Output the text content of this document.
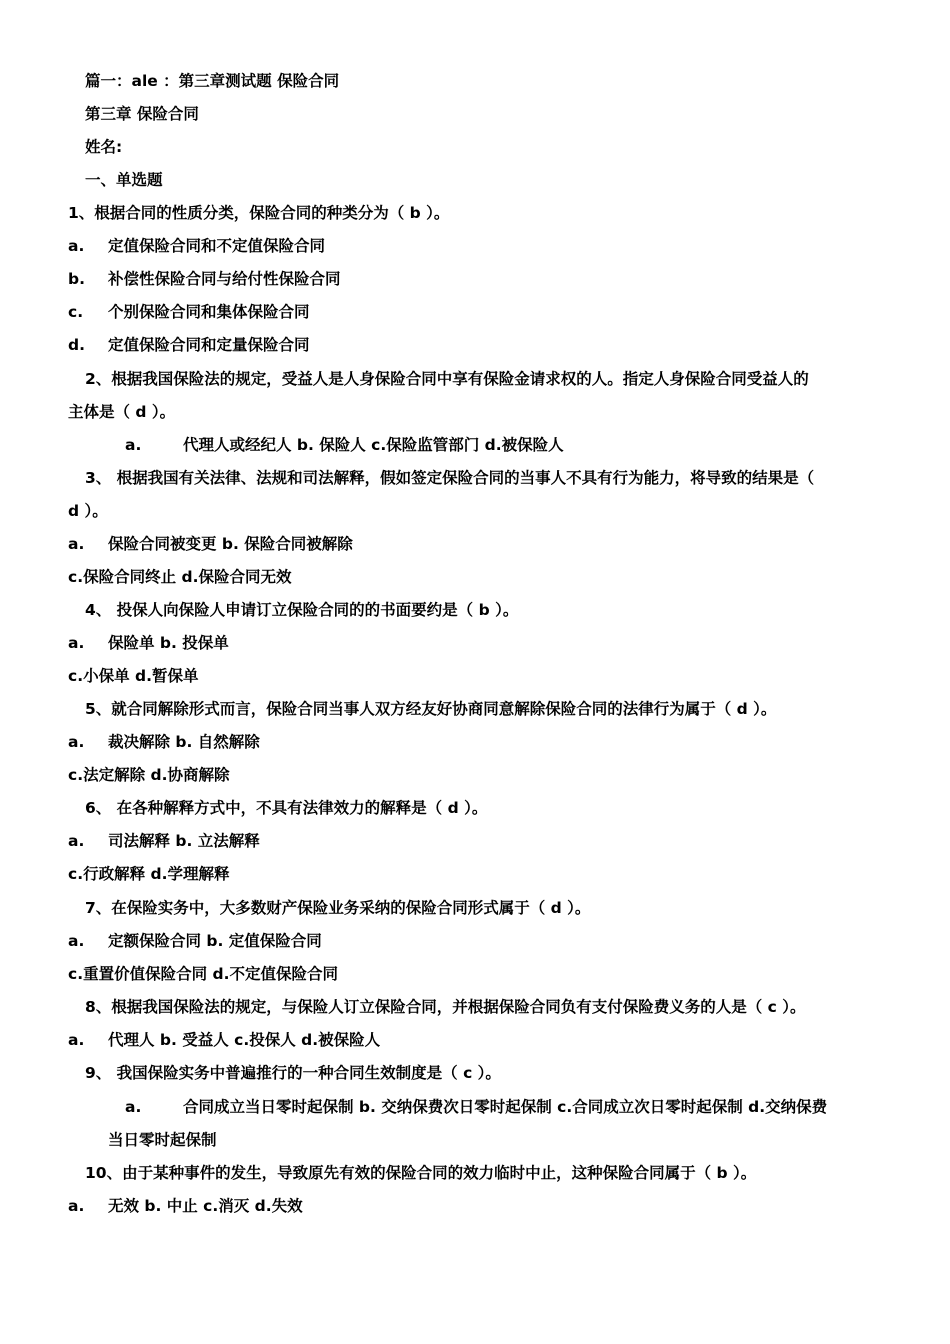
篇一：ale ：第三章测试题 保险合同
第三章 保险合同
姓名:
一、单选题
1、根据合同的性质分类，保险合同的种类分为（ b ）。
a. 定值保险合同和不定值保险合同
b. 补偿性保险合同与给付性保险合同
c. 个别保险合同和集体保险合同
d. 定值保险合同和定量保险合同
2、根据我国保险法的规定，受益人是人身保险合同中享有保险金请求权的人。指定人身保险合同受益人的
主体是（ d ）。
a.	代理人或经纪人 b. 保险人 c.保险监管部门 d.被保险人
3、 根据我国有关法律、法规和司法解释，假如签定保险合同的当事人不具有行为能力，将导致的结果是（
d ）。
a. 保险合同被变更 b. 保险合同被解除
c.保险合同终止 d.保险合同无效
4、 投保人向保险人申请订立保险合同的的书面要约是（ b ）。
a. 保险单 b. 投保单
c.小保单 d.暂保单
5、就合同解除形式而言，保险合同当事人双方经友好协商同意解除保险合同的法律行为属于（ d ）。
a. 裁决解除 b. 自然解除
c.法定解除 d.协商解除
6、 在各种解释方式中，不具有法律效力的解释是（ d ）。
a. 司法解释 b. 立法解释
c.行政解释 d.学理解释
7、在保险实务中，大多数财产保险业务采纳的保险合同形式属于（ d ）。
a. 定额保险合同 b. 定值保险合同
c.重置价值保险合同 d.不定值保险合同
8、根据我国保险法的规定，与保险人订立保险合同，并根据保险合同负有支付保险费义务的人是（ c ）。
a. 代理人 b. 受益人 c.投保人 d.被保险人
9、 我国保险实务中普遍推行的一种合同生效制度是（ c ）。
a.	合同成立当日零时起保制 b. 交纳保费次日零时起保制 c.合同成立次日零时起保制 d.交纳保费
当日零时起保制
10、由于某种事件的发生，导致原先有效的保险合同的效力临时中止，这种保险合同属于（ b ）。
a. 无效 b. 中止 c.消灭 d.失效
